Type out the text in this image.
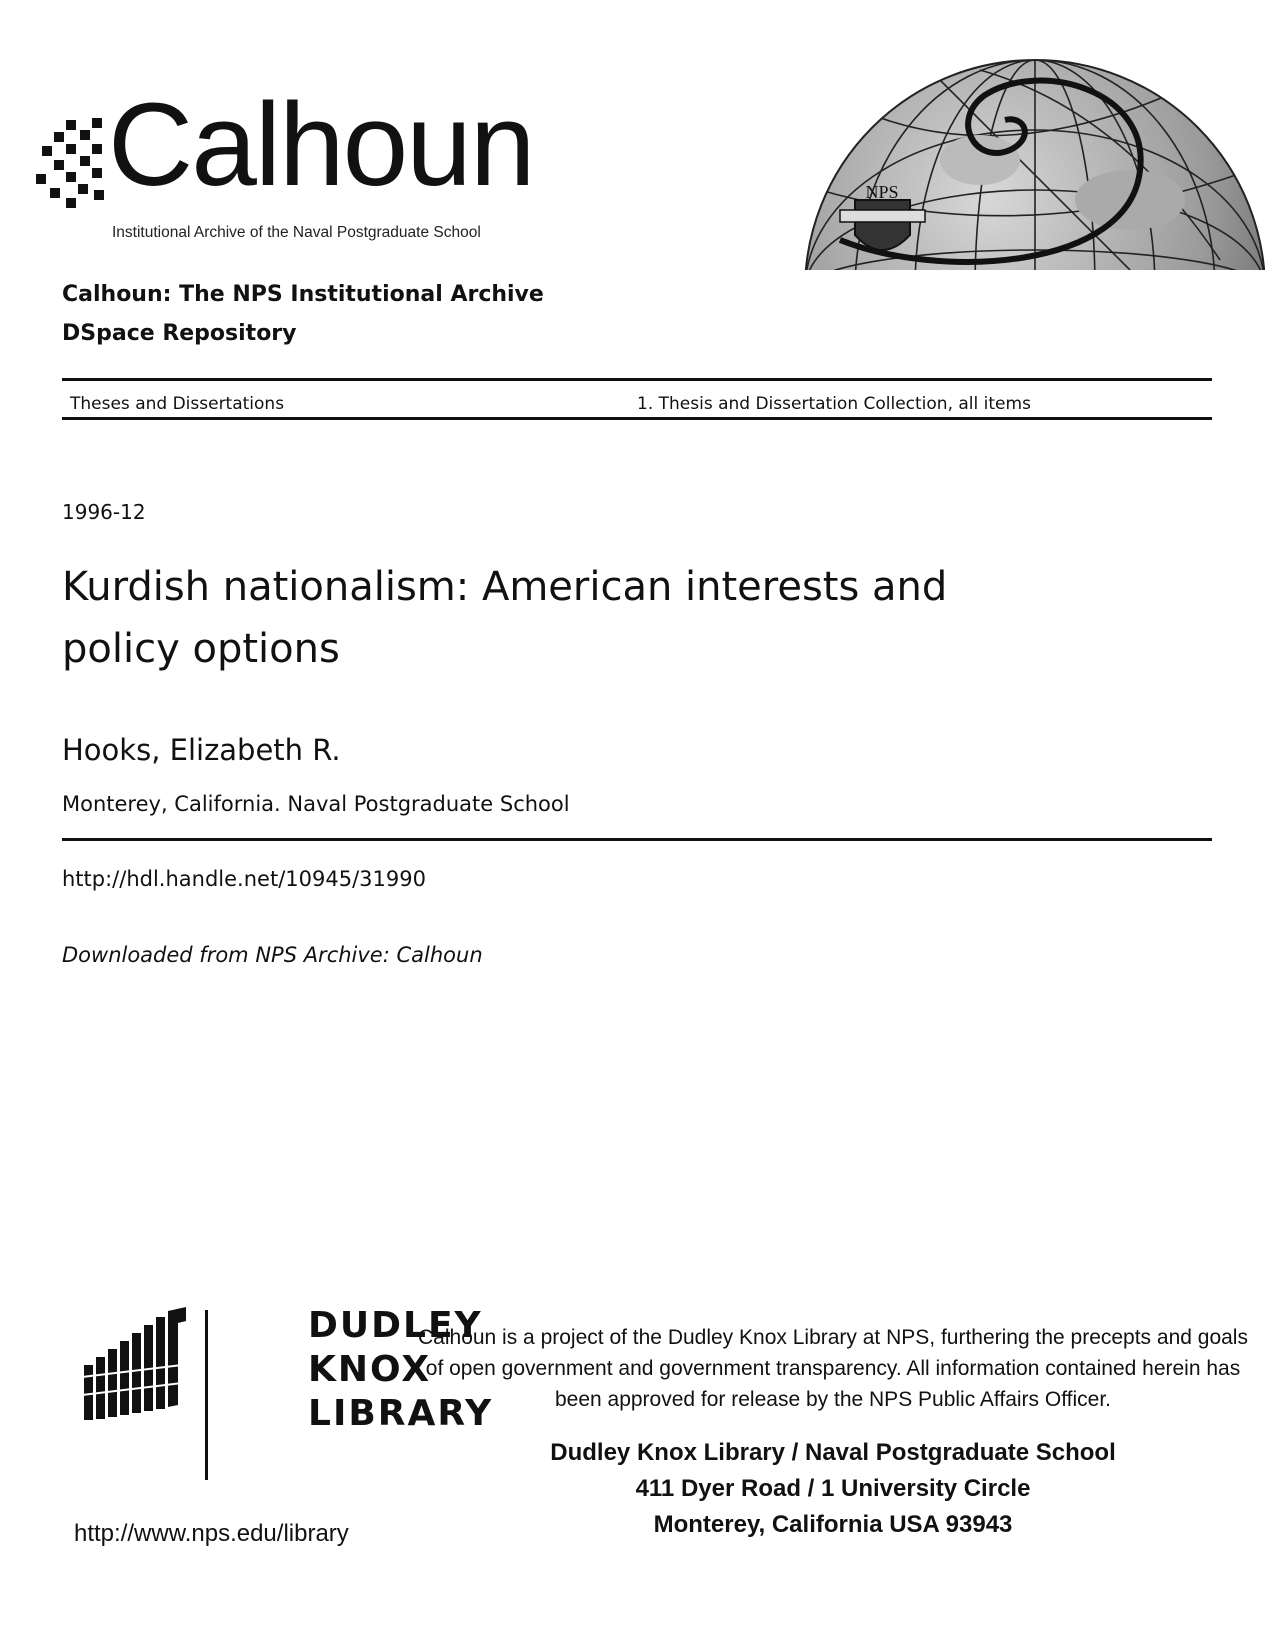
Calhoun
Institutional Archive of the Naval Postgraduate School
NPS
Calhoun: The NPS Institutional Archive
DSpace Repository
Theses and Dissertations	1. Thesis and Dissertation Collection, all items
1996-12
Kurdish nationalism: American interests and policy options
Hooks, Elizabeth R.
Monterey, California. Naval Postgraduate School
http://hdl.handle.net/10945/31990
Downloaded from NPS Archive: Calhoun
DUDLEY
KNOX
LIBRARY
Calhoun is a project of the Dudley Knox Library at NPS, furthering the precepts and goals of open government and government transparency. All information contained herein has been approved for release by the NPS Public Affairs Officer.
Dudley Knox Library / Naval Postgraduate School
411 Dyer Road / 1 University Circle
Monterey, California USA 93943
http://www.nps.edu/library
